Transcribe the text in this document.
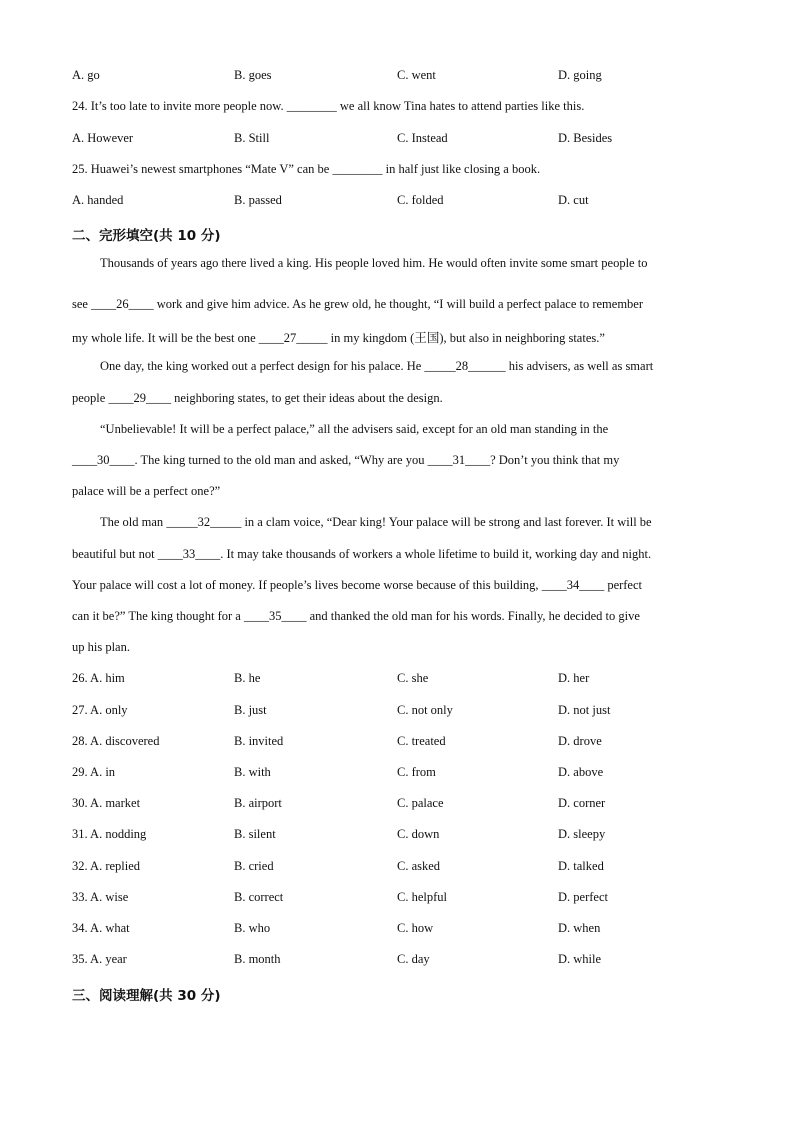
A. go	B. goes	C. went	D. going
24. It’s too late to invite more people now. ________ we all know Tina hates to attend parties like this.
A. However	B. Still	C. Instead	D. Besides
25. Huawei’s newest smartphones “Mate V” can be ________ in half just like closing a book.
A. handed	B. passed	C. folded	D. cut
二、完形填空(共 10 分)
Thousands of years ago there lived a king. His people loved him. He would often invite some smart people to
see ____26____ work and give him advice. As he grew old, he thought, “I will build a perfect palace to remember
my whole life. It will be the best one ____27_____ in my kingdom (王国), but also in neighboring states.”
One day, the king worked out a perfect design for his palace. He _____28______ his advisers, as well as smart
people ____29____ neighboring states, to get their ideas about the design.
“Unbelievable! It will be a perfect palace,” all the advisers said, except for an old man standing in the
____30____. The king turned to the old man and asked, “Why are you ____31____? Don’t you think that my
palace will be a perfect one?”
The old man _____32_____ in a clam voice, “Dear king! Your palace will be strong and last forever. It will be
beautiful but not ____33____. It may take thousands of workers a whole lifetime to build it, working day and night.
Your palace will cost a lot of money. If people’s lives become worse because of this building, ____34____ perfect
can it be?” The king thought for a ____35____ and thanked the old man for his words. Finally, he decided to give
up his plan.
26. A. him	B. he	C. she	D. her
27. A. only	B. just	C. not only	D. not just
28. A. discovered	B. invited	C. treated	D. drove
29. A. in	B. with	C. from	D. above
30. A. market	B. airport	C. palace	D. corner
31. A. nodding	B. silent	C. down	D. sleepy
32. A. replied	B. cried	C. asked	D. talked
33. A. wise	B. correct	C. helpful	D. perfect
34. A. what	B. who	C. how	D. when
35. A. year	B. month	C. day	D. while
三、阅读理解(共 30 分)
